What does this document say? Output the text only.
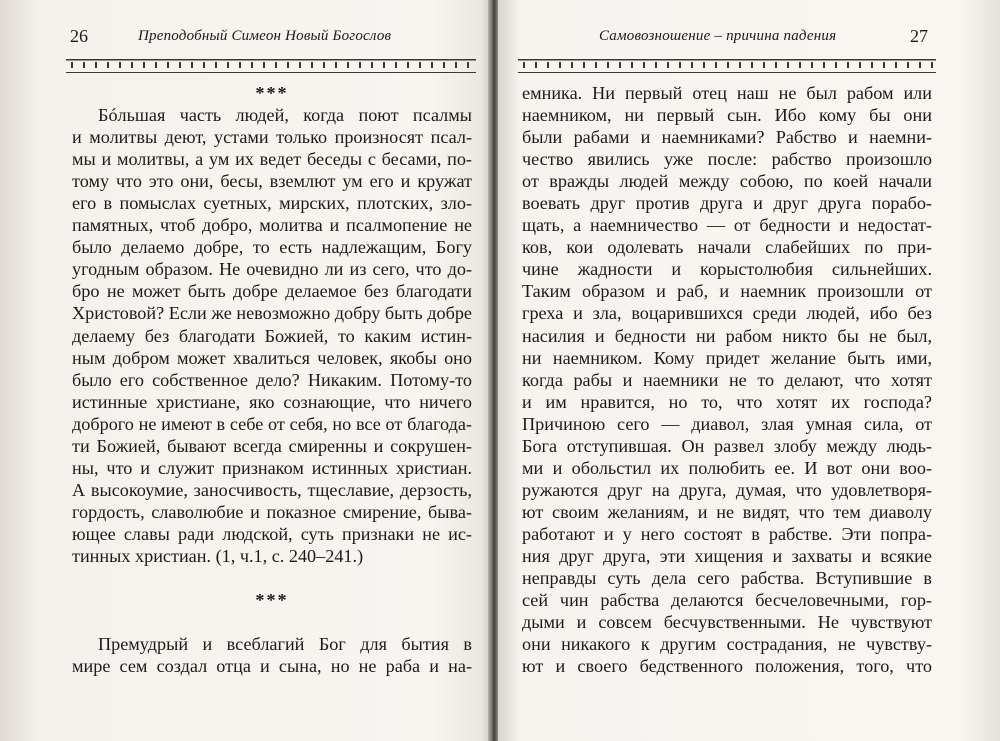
26	Преподобный Симеон Новый Богослов
***
Бóльшая часть людей, когда поют псалмы
и молитвы деют, устами только произносят псал-
мы и молитвы, а ум их ведет беседы с бесами, по-
тому что это они, бесы, вземлют ум его и кружат
его в помыслах суетных, мирских, плотских, зло-
памятных, чтоб добро, молитва и псалмопение не
было делаемо добре, то есть надлежащим, Богу
угодным образом. Не очевидно ли из сего, что до-
бро не может быть добре делаемое без благодати
Христовой? Если же невозможно добру быть добре
делаему без благодати Божией, то каким истин-
ным добром может хвалиться человек, якобы оно
было его собственное дело? Никаким. Потому-то
истинные христиане, яко сознающие, что ничего
доброго не имеют в себе от себя, но все от благода-
ти Божией, бывают всегда смиренны и сокрушен-
ны, что и служит признаком истинных христиан.
А высокоумие, заносчивость, тщеславие, дерзость,
гордость, славолюбие и показное смирение, быва-
ющее славы ради людской, суть признаки не ис-
тинных христиан. (1, ч.1, с. 240–241.)
***
Премудрый и всеблагий Бог для бытия в
мире сем создал отца и сына, но не раба и на-
27
Самовозношение – причина падения
емника. Ни первый отец наш не был рабом или
наемником, ни первый сын. Ибо кому бы они
были рабами и наемниками? Рабство и наемни-
чество явились уже после: рабство произошло
от вражды людей между собою, по коей начали
воевать друг против друга и друг друга порабо-
щать, а наемничество — от бедности и недостат-
ков, кои одолевать начали слабейших по при-
чине жадности и корыстолюбия сильнейших.
Таким образом и раб, и наемник произошли от
греха и зла, воцарившихся среди людей, ибо без
насилия и бедности ни рабом никто бы не был,
ни наемником. Кому придет желание быть ими,
когда рабы и наемники не то делают, что хотят
и им нравится, но то, что хотят их господа?
Причиною сего — диавол, злая умная сила, от
Бога отступившая. Он развел злобу между людь-
ми и обольстил их полюбить ее. И вот они воо-
ружаются друг на друга, думая, что удовлетворя-
ют своим желаниям, и не видят, что тем диаволу
работают и у него состоят в рабстве. Эти попра-
ния друг друга, эти хищения и захваты и всякие
неправды суть дела сего рабства. Вступившие в
сей чин рабства делаются бесчеловечными, гор-
дыми и совсем бесчувственными. Не чувствуют
они никакого к другим сострадания, не чувству-
ют и своего бедственного положения, того, что
